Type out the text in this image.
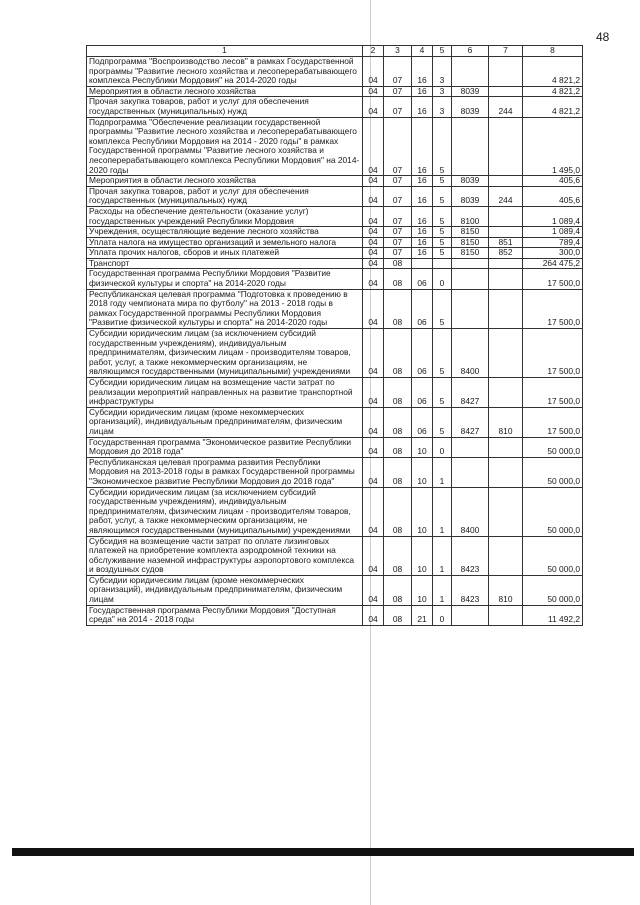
48
1	2	3	4	5	6	7	8
Подпрограмма "Воспроизводство лесов" в рамках Государственной программы "Развитие лесного хозяйства и лесоперерабатывающего комплекса Республики Мордовия" на 2014-2020 годы	04	07	16	3			4 821,2
Мероприятия в области лесного хозяйства	04	07	16	3	8039		4 821,2
Прочая закупка товаров, работ и услуг для обеспечения государственных (муниципальных) нужд	04	07	16	3	8039	244	4 821,2
Подпрограмма "Обеспечение реализации государственной программы "Развитие лесного хозяйства и лесоперерабатывающего комплекса Республики Мордовия на 2014 - 2020 годы" в рамках Государственной программы "Развитие лесного хозяйства и лесоперерабатывающего комплекса Республики Мордовия" на 2014-2020 годы	04	07	16	5			1 495,0
Мероприятия в области лесного хозяйства	04	07	16	5	8039		405,6
Прочая закупка товаров, работ и услуг для обеспечения государственных (муниципальных) нужд	04	07	16	5	8039	244	405,6
Расходы на обеспечение деятельности (оказание услуг) государственных учреждений Республики Мордовия	04	07	16	5	8100		1 089,4
Учреждения, осуществляющие ведение лесного хозяйства	04	07	16	5	8150		1 089,4
Уплата налога на имущество организаций и земельного налога	04	07	16	5	8150	851	789,4
Уплата прочих налогов, сборов и иных платежей	04	07	16	5	8150	852	300,0
Транспорт	04	08					264 475,2
Государственная программа Республики Мордовия "Развитие физической культуры и спорта" на 2014-2020 годы	04	08	06	0			17 500,0
Республиканская целевая программа "Подготовка к проведению в 2018 году чемпионата мира по футболу" на 2013 - 2018 годы в рамках Государственной программы Республики Мордовия "Развитие физической культуры и спорта" на 2014-2020 годы	04	08	06	5			17 500,0
Субсидии юридическим лицам (за исключением субсидий государственным учреждениям), индивидуальным предпринимателям, физическим лицам - производителям товаров, работ, услуг, а также некоммерческим организациям, не являющимся государственными (муниципальными) учреждениями	04	08	06	5	8400		17 500,0
Субсидии юридическим лицам на возмещение части затрат по реализации мероприятий направленных на развитие транспортной инфраструктуры	04	08	06	5	8427		17 500,0
Субсидии юридическим лицам (кроме некоммерческих организаций), индивидуальным предпринимателям, физическим лицам	04	08	06	5	8427	810	17 500,0
Государственная программа "Экономическое развитие Республики Мордовия до 2018 года"	04	08	10	0			50 000,0
Республиканская целевая программа развития Республики Мордовия на 2013-2018 годы в рамках Государственной программы "Экономическое развитие Республики Мордовия до 2018 года"	04	08	10	1			50 000,0
Субсидии юридическим лицам (за исключением субсидий государственным учреждениям), индивидуальным предпринимателям, физическим лицам - производителям товаров, работ, услуг, а также некоммерческим организациям, не являющимся государственными (муниципальными) учреждениями	04	08	10	1	8400		50 000,0
Субсидия на возмещение части затрат по оплате лизинговых платежей на приобретение комплекта аэродромной техники на обслуживание наземной инфраструктуры аэропортового комплекса и воздушных судов	04	08	10	1	8423		50 000,0
Субсидии юридическим лицам (кроме некоммерческих организаций), индивидуальным предпринимателям, физическим лицам	04	08	10	1	8423	810	50 000,0
Государственная программа Республики Мордовия "Доступная среда" на 2014 - 2018 годы	04	08	21	0			11 492,2
